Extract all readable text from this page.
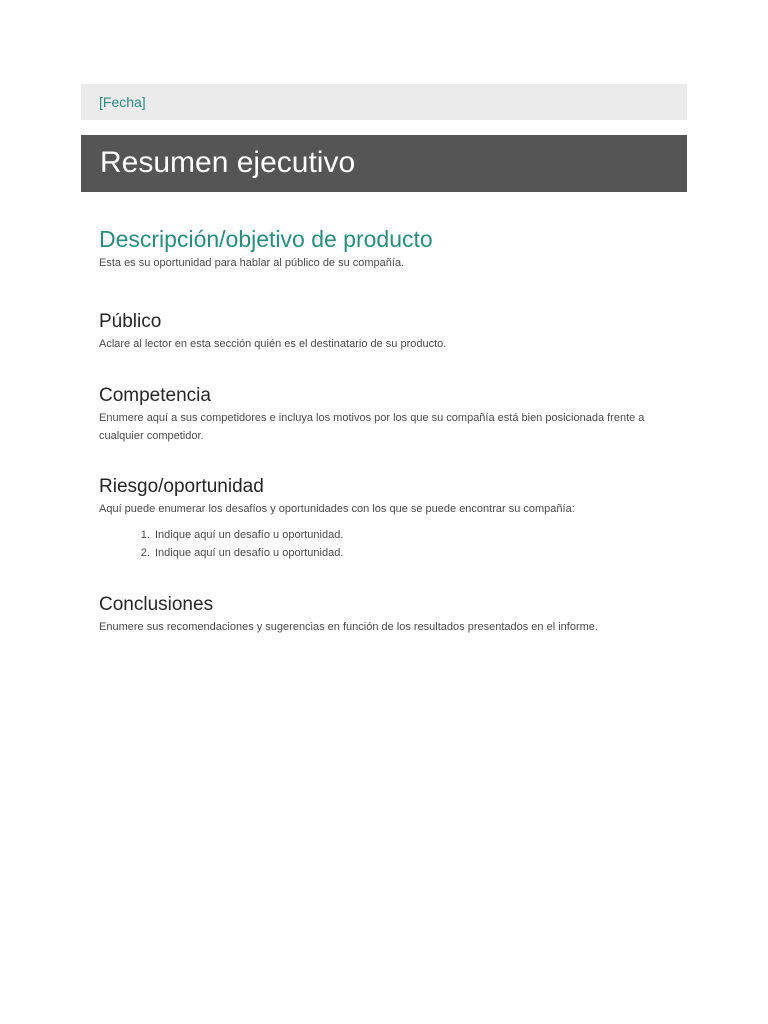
[Fecha]
Resumen ejecutivo
Descripción/objetivo de producto

Esta es su oportunidad para hablar al público de su compañía.

Público

Aclare al lector en esta sección quién es el destinatario de su producto.

Competencia

Enumere aquí a sus competidores e incluya los motivos por los que su compañía está bien posicionada frente a cualquier competidor.

Riesgo/oportunidad

Aquí puede enumerar los desafíos y oportunidades con los que se puede encontrar su compañía:

1. Indique aquí un desafío u oportunidad.
2. Indique aquí un desafío u oportunidad.
Conclusiones

Enumere sus recomendaciones y sugerencias en función de los resultados presentados en el informe.
